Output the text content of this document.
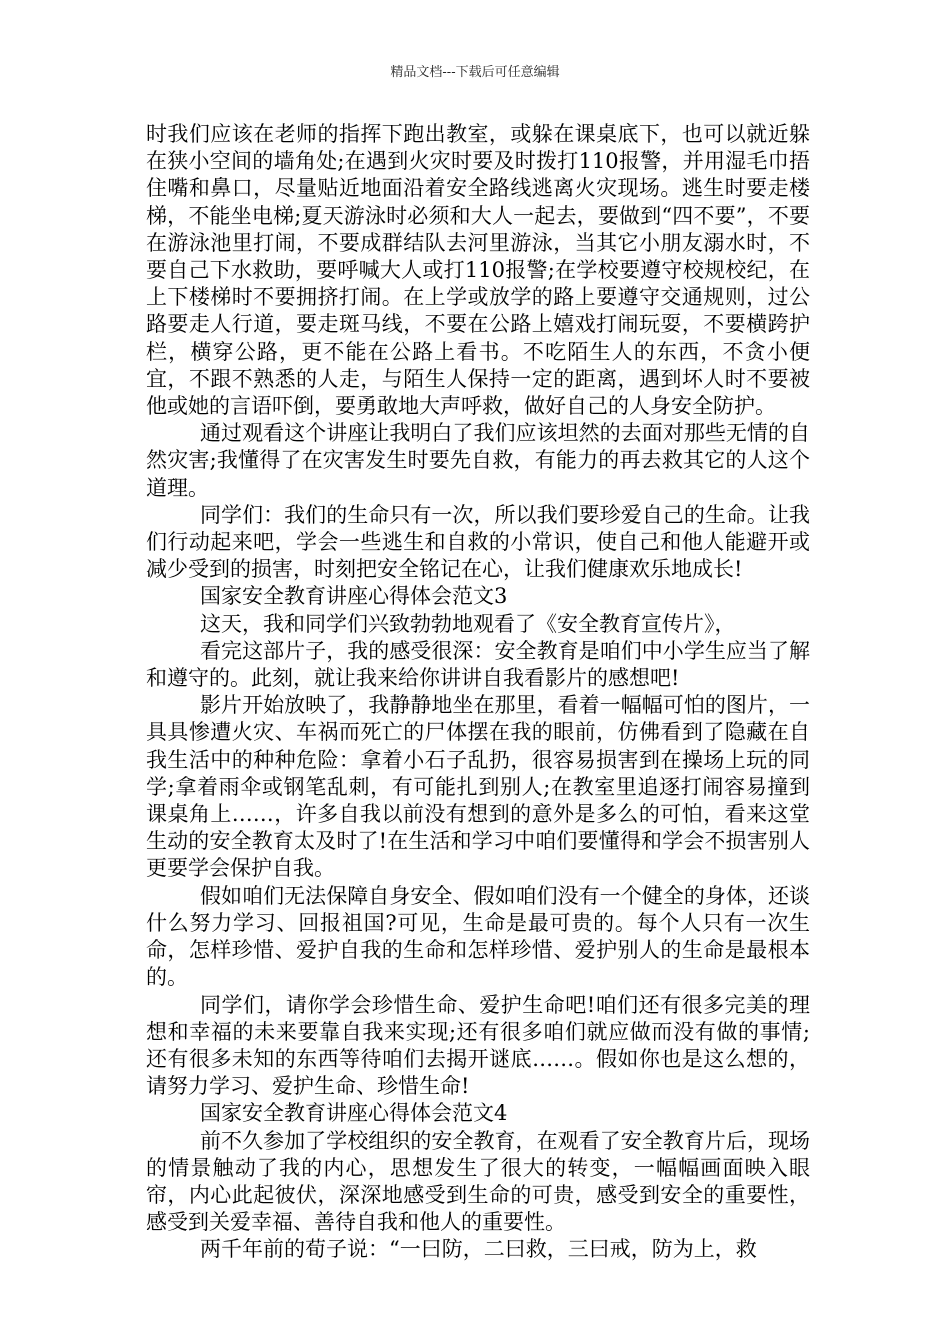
精品文档---下载后可任意编辑

时我们应该在老师的指挥下跑出教室，或躲在课桌底下，也可以就近躲在狭小空间的墙角处;在遇到火灾时要及时拨打110报警，并用湿毛巾捂住嘴和鼻口，尽量贴近地面沿着安全路线逃离火灾现场。逃生时要走楼梯，不能坐电梯;夏天游泳时必须和大人一起去，要做到“四不要”，不要在游泳池里打闹，不要成群结队去河里游泳，当其它小朋友溺水时，不要自己下水救助，要呼喊大人或打110报警;在学校要遵守校规校纪，在上下楼梯时不要拥挤打闹。在上学或放学的路上要遵守交通规则，过公路要走人行道，要走斑马线，不要在公路上嬉戏打闹玩耍，不要横跨护栏，横穿公路，更不能在公路上看书。不吃陌生人的东西，不贪小便宜，不跟不熟悉的人走，与陌生人保持一定的距离，遇到坏人时不要被他或她的言语吓倒，要勇敢地大声呼救，做好自己的人身安全防护。

通过观看这个讲座让我明白了我们应该坦然的去面对那些无情的自然灾害;我懂得了在灾害发生时要先自救，有能力的再去救其它的人这个道理。

同学们：我们的生命只有一次，所以我们要珍爱自己的生命。让我们行动起来吧，学会一些逃生和自救的小常识，使自己和他人能避开或减少受到的损害，时刻把安全铭记在心，让我们健康欢乐地成长!

国家安全教育讲座心得体会范文3

这天，我和同学们兴致勃勃地观看了《安全教育宣传片》，

看完这部片子，我的感受很深：安全教育是咱们中小学生应当了解和遵守的。此刻，就让我来给你讲讲自我看影片的感想吧!

影片开始放映了，我静静地坐在那里，看着一幅幅可怕的图片，一具具惨遭火灾、车祸而死亡的尸体摆在我的眼前，仿佛看到了隐藏在自我生活中的种种危险：拿着小石子乱扔，很容易损害到在操场上玩的同学;拿着雨伞或钢笔乱刺，有可能扎到别人;在教室里追逐打闹容易撞到课桌角上……，许多自我以前没有想到的意外是多么的可怕，看来这堂生动的安全教育太及时了!在生活和学习中咱们要懂得和学会不损害别人更要学会保护自我。

假如咱们无法保障自身安全、假如咱们没有一个健全的身体，还谈什么努力学习、回报祖国?可见，生命是最可贵的。每个人只有一次生命，怎样珍惜、爱护自我的生命和怎样珍惜、爱护别人的生命是最根本的。

同学们，请你学会珍惜生命、爱护生命吧!咱们还有很多完美的理想和幸福的未来要靠自我来实现;还有很多咱们就应做而没有做的事情;还有很多未知的东西等待咱们去揭开谜底……。假如你也是这么想的，请努力学习、爱护生命、珍惜生命!

国家安全教育讲座心得体会范文4

前不久参加了学校组织的安全教育，在观看了安全教育片后，现场的情景触动了我的内心，思想发生了很大的转变，一幅幅画面映入眼帘，内心此起彼伏，深深地感受到生命的可贵，感受到安全的重要性，感受到关爱幸福、善待自我和他人的重要性。

两千年前的荀子说：“一曰防，二曰救，三曰戒，防为上，救
